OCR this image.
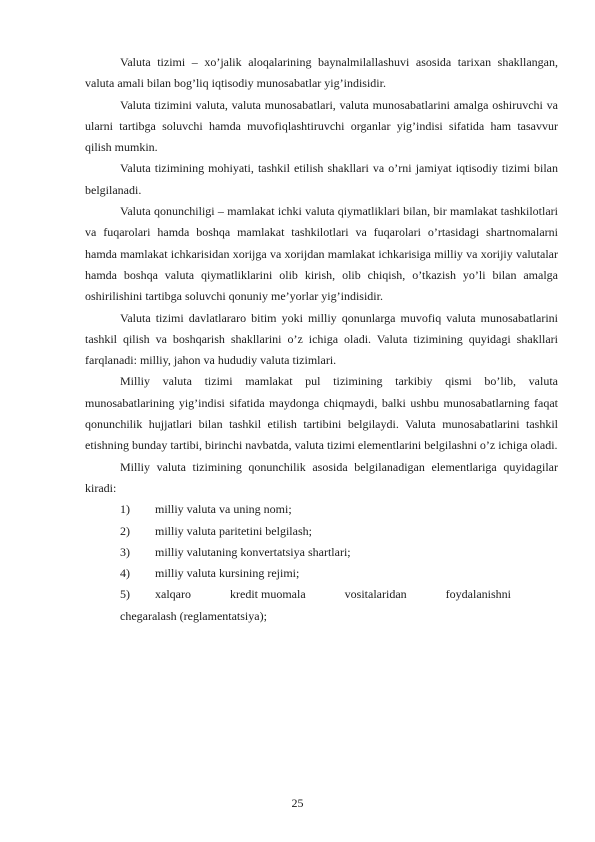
Valuta tizimi – xo’jalik aloqalarining baynalmilallashuvi asosida tarixan shakllangan, valuta amali bilan bog’liq iqtisodiy munosabatlar yig’indisidir.

Valuta tizimini valuta, valuta munosabatlari, valuta munosabatlarini amalga oshiruvchi va ularni tartibga soluvchi hamda muvofiqlashtiruvchi organlar yig’indisi sifatida ham tasavvur qilish mumkin.

Valuta tizimining mohiyati, tashkil etilish shakllari va o’rni jamiyat iqtisodiy tizimi bilan belgilanadi.

Valuta qonunchiligi – mamlakat ichki valuta qiymatliklari bilan, bir mamlakat tashkilotlari va fuqarolari hamda boshqa mamlakat tashkilotlari va fuqarolari o’rtasidagi shartnomalarni hamda mamlakat ichkarisidan xorijga va xorijdan mamlakat ichkarisiga milliy va xorijiy valutalar hamda boshqa valuta qiymatliklarini olib kirish, olib chiqish, o’tkazish yo’li bilan amalga oshirilishini tartibga soluvchi qonuniy me’yorlar yig’indisidir.

Valuta tizimi davlatlararo bitim yoki milliy qonunlarga muvofiq valuta munosabatlarini tashkil qilish va boshqarish shakllarini o’z ichiga oladi. Valuta tizimining quyidagi shakllari farqlanadi: milliy, jahon va hududiy valuta tizimlari.

Milliy valuta tizimi mamlakat pul tizimining tarkibiy qismi bo’lib, valuta munosabatlarining yig’indisi sifatida maydonga chiqmaydi, balki ushbu munosabatlarning faqat qonunchilik hujjatlari bilan tashkil etilish tartibini belgilaydi. Valuta munosabatlarini tashkil etishning bunday tartibi, birinchi navbatda, valuta tizimi elementlarini belgilashni o’z ichiga oladi.

Milliy valuta tizimining qonunchilik asosida belgilanadigan elementlariga quyidagilar kiradi:

1)	milliy valuta va uning nomi;
2)	milliy valuta paritetini belgilash;
3)	milliy valutaning konvertatsiya shartlari;
4)	milliy valuta kursining rejimi;
5)	xalqaro	kredit muomala	vositalaridan	foydalanishni

chegaralash (reglamentatsiya);

25
